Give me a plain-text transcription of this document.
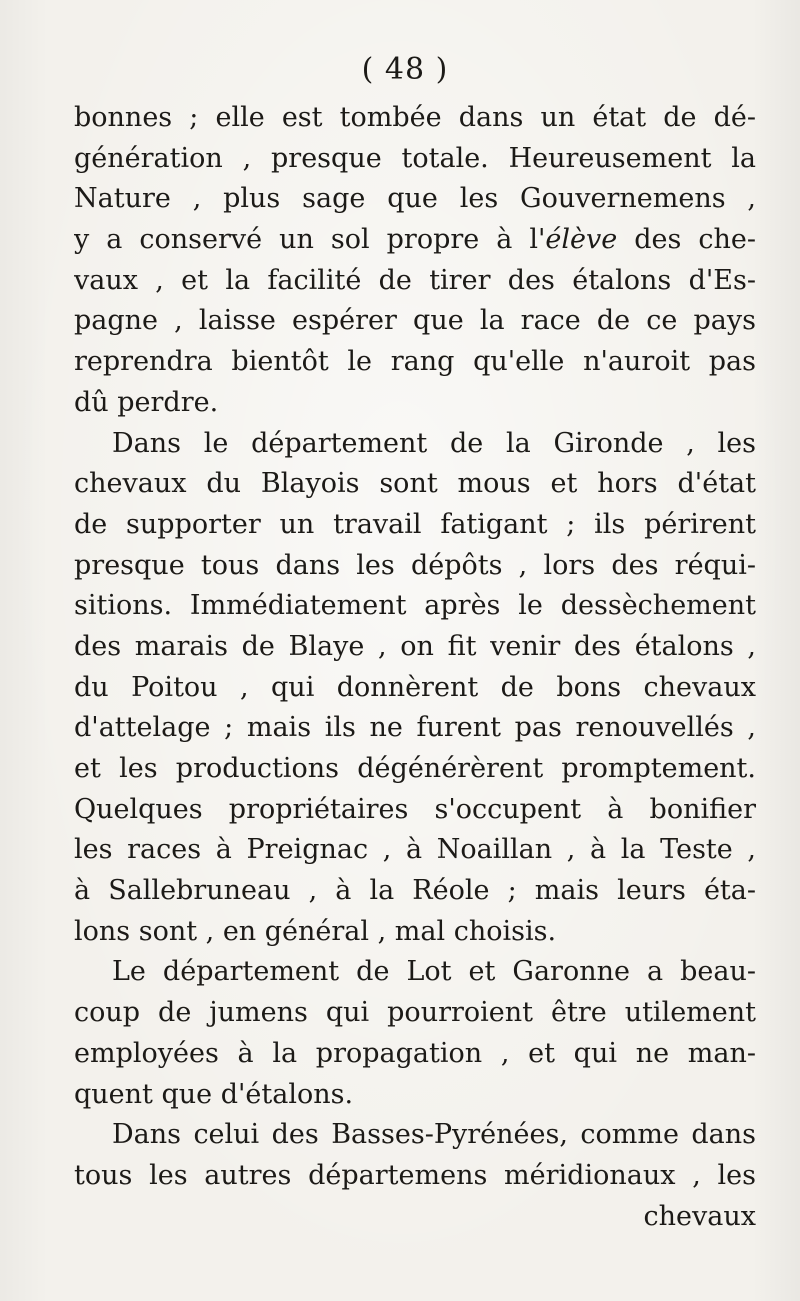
( 48 )
bonnes ; elle est tombée dans un état de dé-
génération , presque totale. Heureusement la
Nature , plus sage que les Gouvernemens ,
y a conservé un sol propre à l'élève des che-
vaux , et la facilité de tirer des étalons d'Es-
pagne , laisse espérer que la race de ce pays
reprendra bientôt le rang qu'elle n'auroit pas
dû perdre.
Dans le département de la Gironde , les
chevaux du Blayois sont mous et hors d'état
de supporter un travail fatigant ; ils périrent
presque tous dans les dépôts , lors des réqui-
sitions. Immédiatement après le dessèchement
des marais de Blaye , on fit venir des étalons ,
du Poitou , qui donnèrent de bons chevaux
d'attelage ; mais ils ne furent pas renouvellés ,
et les productions dégénérèrent promptement.
Quelques propriétaires s'occupent à bonifier
les races à Preignac , à Noaillan , à la Teste ,
à Sallebruneau , à la Réole ; mais leurs éta-
lons sont , en général , mal choisis.
Le département de Lot et Garonne a beau-
coup de jumens qui pourroient être utilement
employées à la propagation , et qui ne man-
quent que d'étalons.
Dans celui des Basses-Pyrénées, comme dans
tous les autres départemens méridionaux , les
chevaux
